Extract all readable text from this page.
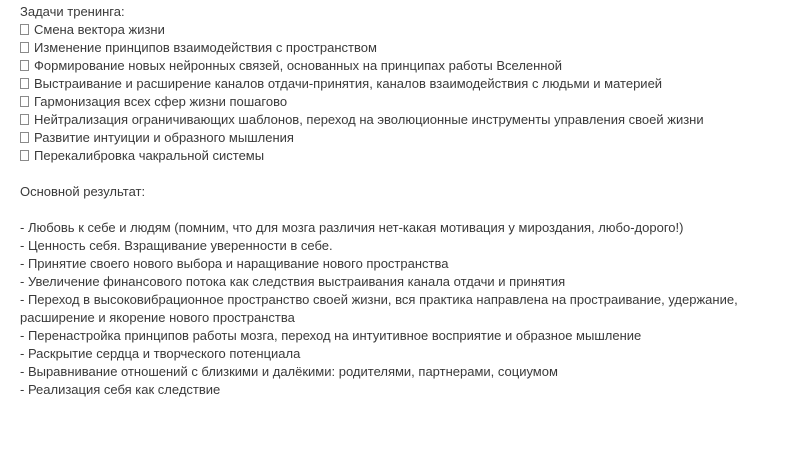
Задачи тренинга:

Смена вектора жизни

Изменение принципов взаимодействия с пространством

Формирование новых нейронных связей, основанных на принципах работы Вселенной

Выстраивание и расширение каналов отдачи-принятия, каналов взаимодействия с людьми и материей

Гармонизация всех сфер жизни пошагово

Нейтрализация ограничивающих шаблонов, переход на эволюционные инструменты управления своей жизни

Развитие интуиции и образного мышления

Перекалибровка чакральной системы

Основной результат:

- Любовь к себе и людям (помним, что для мозга различия нет-какая мотивация у мироздания, любо-дорого!)

- Ценность себя. Взращивание уверенности в себе.

- Принятие своего нового выбора и наращивание нового пространства

- Увеличение финансового потока как следствия выстраивания канала отдачи и принятия

- Переход в высоковибрационное пространство своей жизни, вся практика направлена на простраивание, удержание, расширение и якорение нового пространства

- Перенастройка принципов работы мозга, переход на интуитивное восприятие и образное мышление

- Раскрытие сердца и творческого потенциала

- Выравнивание отношений с близкими и далёкими: родителями, партнерами, социумом

- Реализация себя как следствие
